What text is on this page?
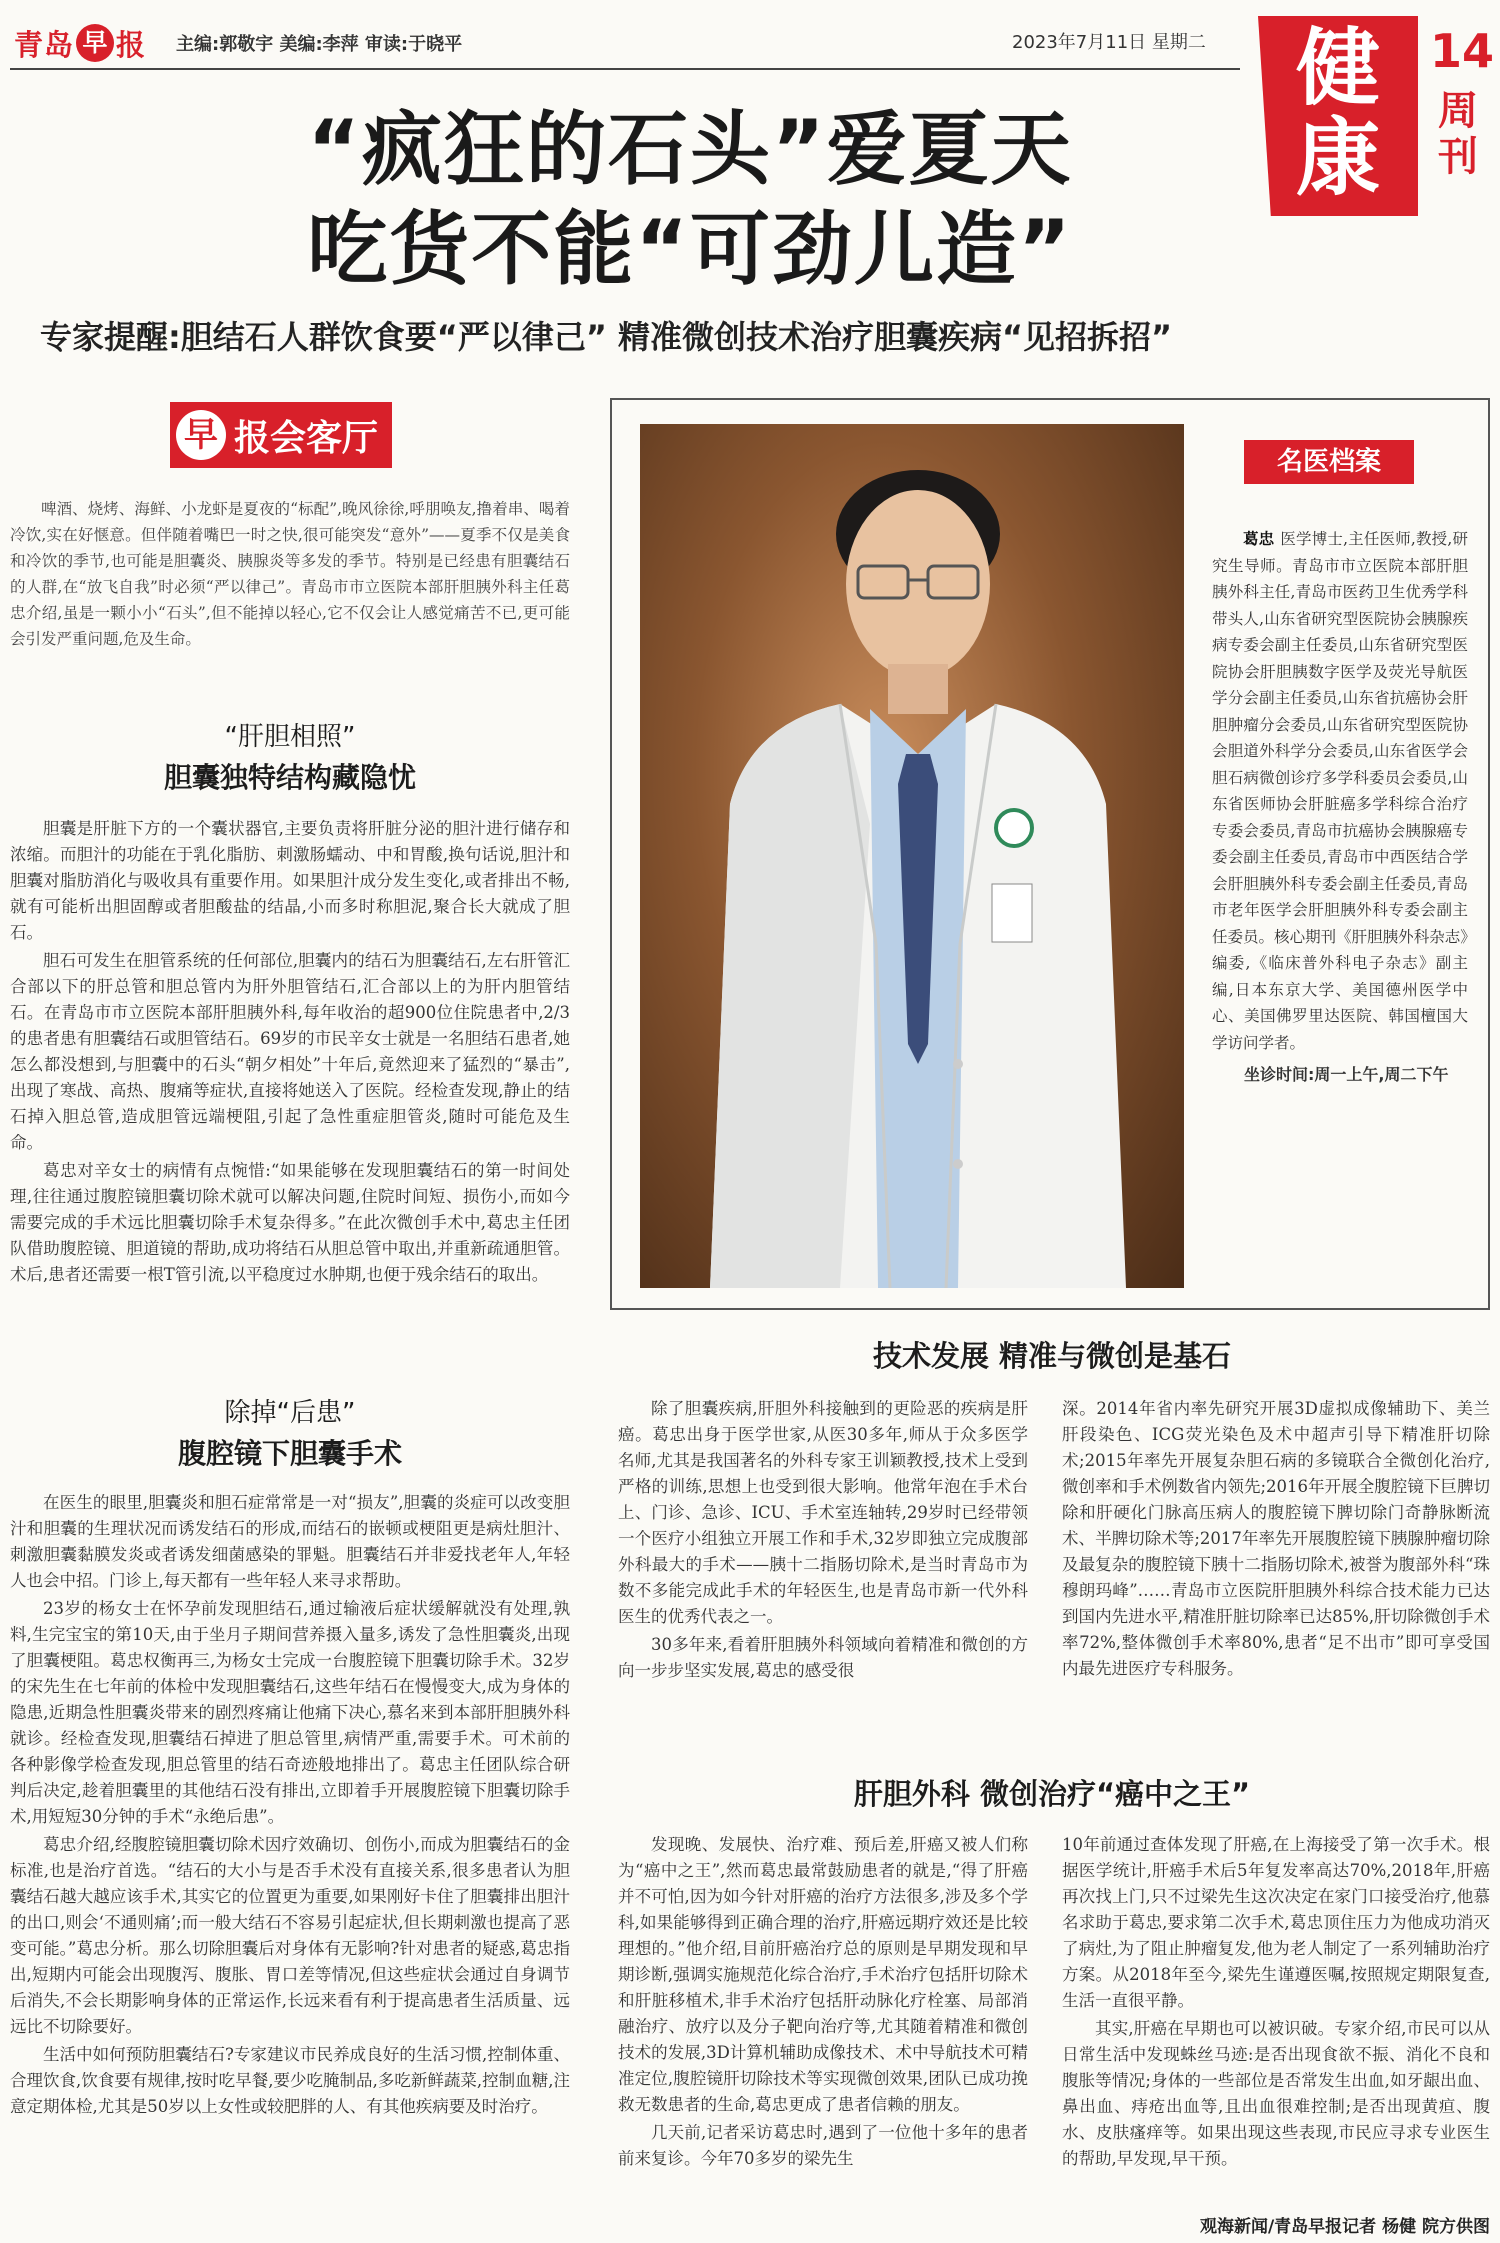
青岛 早 报 主编:郭敬宇 美编:李萍 审读:于晓平	2023年7月11日 星期二 健
康
14
周刊
“疯狂的石头”爱夏天
吃货不能“可劲儿造”
专家提醒:胆结石人群饮食要“严以律己” 精准微创技术治疗胆囊疾病“见招拆招”
早 报会客厅
啤酒、烧烤、海鲜、小龙虾是夏夜的“标配”,晚风徐徐,呼朋唤友,撸着串、喝着冷饮,实在好惬意。但伴随着嘴巴一时之快,很可能突发“意外”——夏季不仅是美食和冷饮的季节,也可能是胆囊炎、胰腺炎等多发的季节。特别是已经患有胆囊结石的人群,在“放飞自我”时必须“严以律己”。青岛市市立医院本部肝胆胰外科主任葛忠介绍,虽是一颗小小“石头”,但不能掉以轻心,它不仅会让人感觉痛苦不已,更可能会引发严重问题,危及生命。
“肝胆相照”
胆囊独特结构藏隐忧

胆囊是肝脏下方的一个囊状器官,主要负责将肝脏分泌的胆汁进行储存和浓缩。而胆汁的功能在于乳化脂肪、刺激肠蠕动、中和胃酸,换句话说,胆汁和胆囊对脂肪消化与吸收具有重要作用。如果胆汁成分发生变化,或者排出不畅,就有可能析出胆固醇或者胆酸盐的结晶,小而多时称胆泥,聚合长大就成了胆石。

胆石可发生在胆管系统的任何部位,胆囊内的结石为胆囊结石,左右肝管汇合部以下的肝总管和胆总管内为肝外胆管结石,汇合部以上的为肝内胆管结石。在青岛市市立医院本部肝胆胰外科,每年收治的超900位住院患者中,2/3的患者患有胆囊结石或胆管结石。69岁的市民辛女士就是一名胆结石患者,她怎么都没想到,与胆囊中的石头“朝夕相处”十年后,竟然迎来了猛烈的“暴击”,出现了寒战、高热、腹痛等症状,直接将她送入了医院。经检查发现,静止的结石掉入胆总管,造成胆管远端梗阻,引起了急性重症胆管炎,随时可能危及生命。

葛忠对辛女士的病情有点惋惜:“如果能够在发现胆囊结石的第一时间处理,往往通过腹腔镜胆囊切除术就可以解决问题,住院时间短、损伤小,而如今需要完成的手术远比胆囊切除手术复杂得多。”在此次微创手术中,葛忠主任团队借助腹腔镜、胆道镜的帮助,成功将结石从胆总管中取出,并重新疏通胆管。术后,患者还需要一根T管引流,以平稳度过水肿期,也便于残余结石的取出。

除掉“后患”
腹腔镜下胆囊手术

在医生的眼里,胆囊炎和胆石症常常是一对“损友”,胆囊的炎症可以改变胆汁和胆囊的生理状况而诱发结石的形成,而结石的嵌顿或梗阻更是病灶胆汁、刺激胆囊黏膜发炎或者诱发细菌感染的罪魁。胆囊结石并非爱找老年人,年轻人也会中招。门诊上,每天都有一些年轻人来寻求帮助。

23岁的杨女士在怀孕前发现胆结石,通过输液后症状缓解就没有处理,孰料,生完宝宝的第10天,由于坐月子期间营养摄入量多,诱发了急性胆囊炎,出现了胆囊梗阻。葛忠权衡再三,为杨女士完成一台腹腔镜下胆囊切除手术。32岁的宋先生在七年前的体检中发现胆囊结石,这些年结石在慢慢变大,成为身体的隐患,近期急性胆囊炎带来的剧烈疼痛让他痛下决心,慕名来到本部肝胆胰外科就诊。经检查发现,胆囊结石掉进了胆总管里,病情严重,需要手术。可术前的各种影像学检查发现,胆总管里的结石奇迹般地排出了。葛忠主任团队综合研判后决定,趁着胆囊里的其他结石没有排出,立即着手开展腹腔镜下胆囊切除手术,用短短30分钟的手术“永绝后患”。

葛忠介绍,经腹腔镜胆囊切除术因疗效确切、创伤小,而成为胆囊结石的金标准,也是治疗首选。“结石的大小与是否手术没有直接关系,很多患者认为胆囊结石越大越应该手术,其实它的位置更为重要,如果刚好卡住了胆囊排出胆汁的出口,则会‘不通则痛’;而一般大结石不容易引起症状,但长期刺激也提高了恶变可能。”葛忠分析。那么切除胆囊后对身体有无影响?针对患者的疑惑,葛忠指出,短期内可能会出现腹泻、腹胀、胃口差等情况,但这些症状会通过自身调节后消失,不会长期影响身体的正常运作,长远来看有利于提高患者生活质量、远远比不切除要好。

生活中如何预防胆囊结石?专家建议市民养成良好的生活习惯,控制体重、合理饮食,饮食要有规律,按时吃早餐,要少吃腌制品,多吃新鲜蔬菜,控制血糖,注意定期体检,尤其是50岁以上女性或较肥胖的人、有其他疾病要及时治疗。

名医档案
葛忠 医学博士,主任医师,教授,研究生导师。青岛市市立医院本部肝胆胰外科主任,青岛市医药卫生优秀学科带头人,山东省研究型医院协会胰腺疾病专委会副主任委员,山东省研究型医院协会肝胆胰数字医学及荧光导航医学分会副主任委员,山东省抗癌协会肝胆肿瘤分会委员,山东省研究型医院协会胆道外科学分会委员,山东省医学会胆石病微创诊疗多学科委员会委员,山东省医师协会肝脏癌多学科综合治疗专委会委员,青岛市抗癌协会胰腺癌专委会副主任委员,青岛市中西医结合学会肝胆胰外科专委会副主任委员,青岛市老年医学会肝胆胰外科专委会副主任委员。核心期刊《肝胆胰外科杂志》编委,《临床普外科电子杂志》副主编,日本东京大学、美国德州医学中心、美国佛罗里达医院、韩国檀国大学访问学者。
坐诊时间:周一上午,周二下午
技术发展 精准与微创是基石

除了胆囊疾病,肝胆外科接触到的更险恶的疾病是肝癌。葛忠出身于医学世家,从医30多年,师从于众多医学名师,尤其是我国著名的外科专家王训颖教授,技术上受到严格的训练,思想上也受到很大影响。他常年泡在手术台上、门诊、急诊、ICU、手术室连轴转,29岁时已经带领一个医疗小组独立开展工作和手术,32岁即独立完成腹部外科最大的手术——胰十二指肠切除术,是当时青岛市为数不多能完成此手术的年轻医生,也是青岛市新一代外科医生的优秀代表之一。

30多年来,看着肝胆胰外科领域向着精准和微创的方向一步步坚实发展,葛忠的感受很

深。2014年省内率先研究开展3D虚拟成像辅助下、美兰肝段染色、ICG荧光染色及术中超声引导下精准肝切除术;2015年率先开展复杂胆石病的多镜联合全微创化治疗,微创率和手术例数省内领先;2016年开展全腹腔镜下巨脾切除和肝硬化门脉高压病人的腹腔镜下脾切除门奇静脉断流术、半脾切除术等;2017年率先开展腹腔镜下胰腺肿瘤切除及最复杂的腹腔镜下胰十二指肠切除术,被誉为腹部外科“珠穆朗玛峰”……青岛市立医院肝胆胰外科综合技术能力已达到国内先进水平,精准肝脏切除率已达85%,肝切除微创手术率72%,整体微创手术率80%,患者“足不出市”即可享受国内最先进医疗专科服务。

肝胆外科 微创治疗“癌中之王”

发现晚、发展快、治疗难、预后差,肝癌又被人们称为“癌中之王”,然而葛忠最常鼓励患者的就是,“得了肝癌并不可怕,因为如今针对肝癌的治疗方法很多,涉及多个学科,如果能够得到正确合理的治疗,肝癌远期疗效还是比较理想的。”他介绍,目前肝癌治疗总的原则是早期发现和早期诊断,强调实施规范化综合治疗,手术治疗包括肝切除术和肝脏移植术,非手术治疗包括肝动脉化疗栓塞、局部消融治疗、放疗以及分子靶向治疗等,尤其随着精准和微创技术的发展,3D计算机辅助成像技术、术中导航技术可精准定位,腹腔镜肝切除技术等实现微创效果,团队已成功挽救无数患者的生命,葛忠更成了患者信赖的朋友。

几天前,记者采访葛忠时,遇到了一位他十多年的患者前来复诊。今年70多岁的梁先生

10年前通过查体发现了肝癌,在上海接受了第一次手术。根据医学统计,肝癌手术后5年复发率高达70%,2018年,肝癌再次找上门,只不过梁先生这次决定在家门口接受治疗,他慕名求助于葛忠,要求第二次手术,葛忠顶住压力为他成功消灭了病灶,为了阻止肿瘤复发,他为老人制定了一系列辅助治疗方案。从2018年至今,梁先生谨遵医嘱,按照规定期限复查,生活一直很平静。

其实,肝癌在早期也可以被识破。专家介绍,市民可以从日常生活中发现蛛丝马迹:是否出现食欲不振、消化不良和腹胀等情况;身体的一些部位是否常发生出血,如牙龈出血、鼻出血、痔疮出血等,且出血很难控制;是否出现黄疸、腹水、皮肤瘙痒等。如果出现这些表现,市民应寻求专业医生的帮助,早发现,早干预。

观海新闻/青岛早报记者 杨健 院方供图
